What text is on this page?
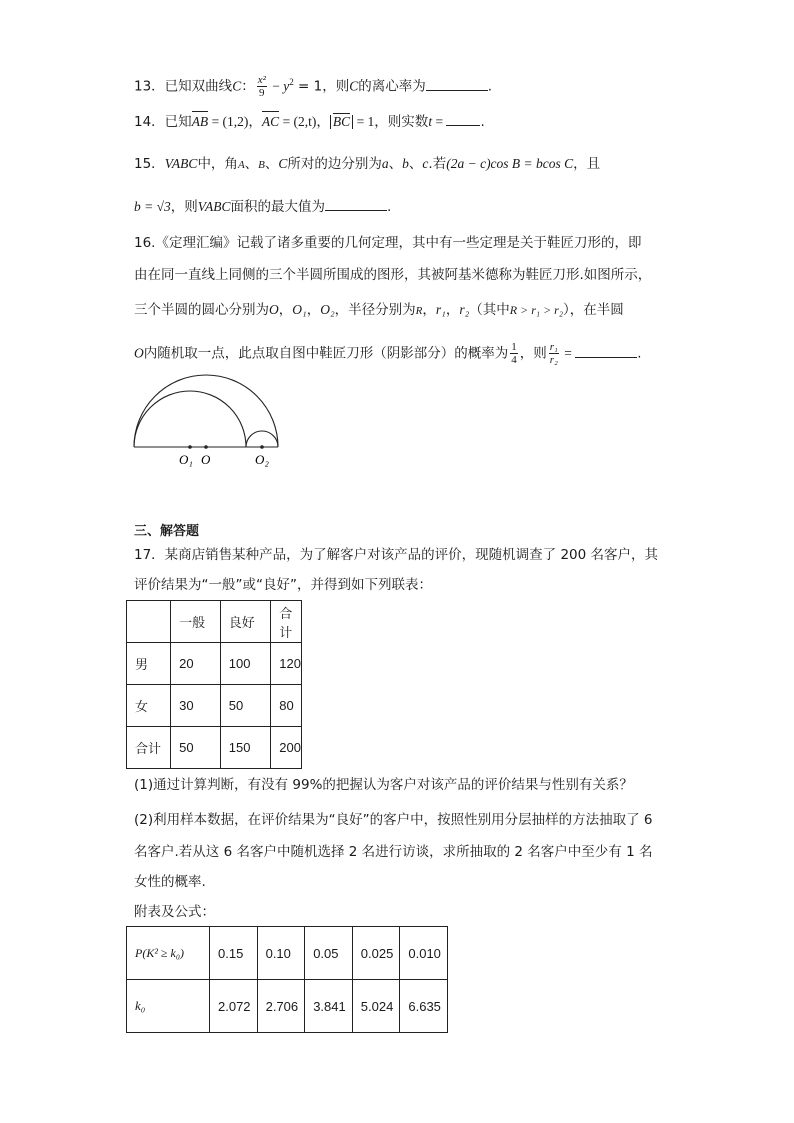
13．已知双曲线C： $\frac{\text{x²}}{9} - y^2 = 1$，则C的离心率为	.
14．已知AB = (1,2)，AC = (2,t)， BC = 1，则实数t =	.
15．VABC中，角A、B、C所对的边分别为a、b、c.若(2a − c)cos B = bcos C，且
b = √3，则VABC面积的最大值为	.
16.《定理汇编》记载了诸多重要的几何定理，其中有一些定理是关于鞋匠刀形的，即
由在同一直线上同侧的三个半圆所围成的图形，其被阿基米德称为鞋匠刀形.如图所示，
三个半圆的圆心分别为O，O₁，O₂，半径分别为R，r₁，r₂（其中R > r₁ > r₂），在半圆
O内随机取一点，此点取自图中鞋匠刀形（阴影部分）的概率为 $\frac{1}{4}$ ，则 $\frac{\text{r₁}}{\text{r₂}}$ =	.
O₁ O	O₂
三、解答题
17．某商店销售某种产品，为了解客户对该产品的评价，现随机调查了 200 名客户，其
评价结果为“一般”或“良好”，并得到如下列联表：
	一般	良好	合计
男	20	100	120
女	30	50	80
合计	50	150	200
(1)通过计算判断，有没有 99%的把握认为客户对该产品的评价结果与性别有关系？
(2)利用样本数据，在评价结果为“良好”的客户中，按照性别用分层抽样的方法抽取了 6
名客户.若从这 6 名客户中随机选择 2 名进行访谈，求所抽取的 2 名客户中至少有 1 名
女性的概率.
附表及公式：
P(K² ≥ k₀)	0.15	0.10	0.05	0.025	0.010
k₀	2.072	2.706	3.841	5.024	6.635
